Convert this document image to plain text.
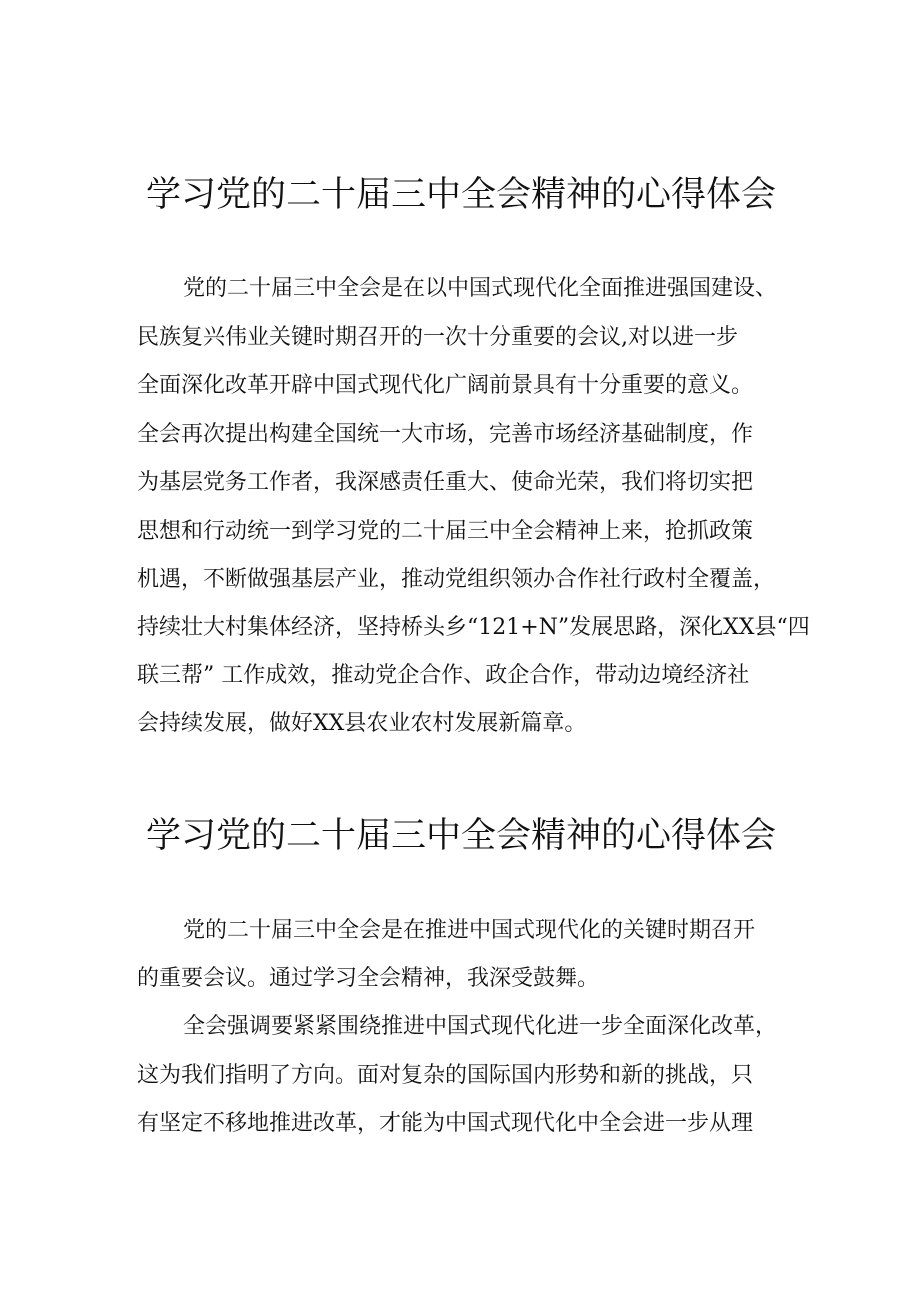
学习党的二十届三中全会精神的心得体会

党的二十届三中全会是在以中国式现代化全面推进强国建设、

民族复兴伟业关键时期召开的一次十分重要的会议,对以进一步

全面深化改革开辟中国式现代化广阔前景具有十分重要的意义。

全会再次提出构建全国统一大市场，完善市场经济基础制度，作

为基层党务工作者，我深感责任重大、使命光荣，我们将切实把

思想和行动统一到学习党的二十届三中全会精神上来，抢抓政策

机遇，不断做强基层产业，推动党组织领办合作社行政村全覆盖，

持续壮大村集体经济，坚持桥头乡“121+N”发展思路，深化XX县“四

联三帮” 工作成效，推动党企合作、政企合作，带动边境经济社

会持续发展，做好XX县农业农村发展新篇章。

学习党的二十届三中全会精神的心得体会

党的二十届三中全会是在推进中国式现代化的关键时期召开

的重要会议。通过学习全会精神，我深受鼓舞。

全会强调要紧紧围绕推进中国式现代化进一步全面深化改革，

这为我们指明了方向。面对复杂的国际国内形势和新的挑战，只

有坚定不移地推进改革，才能为中国式现代化中全会进一步从理
